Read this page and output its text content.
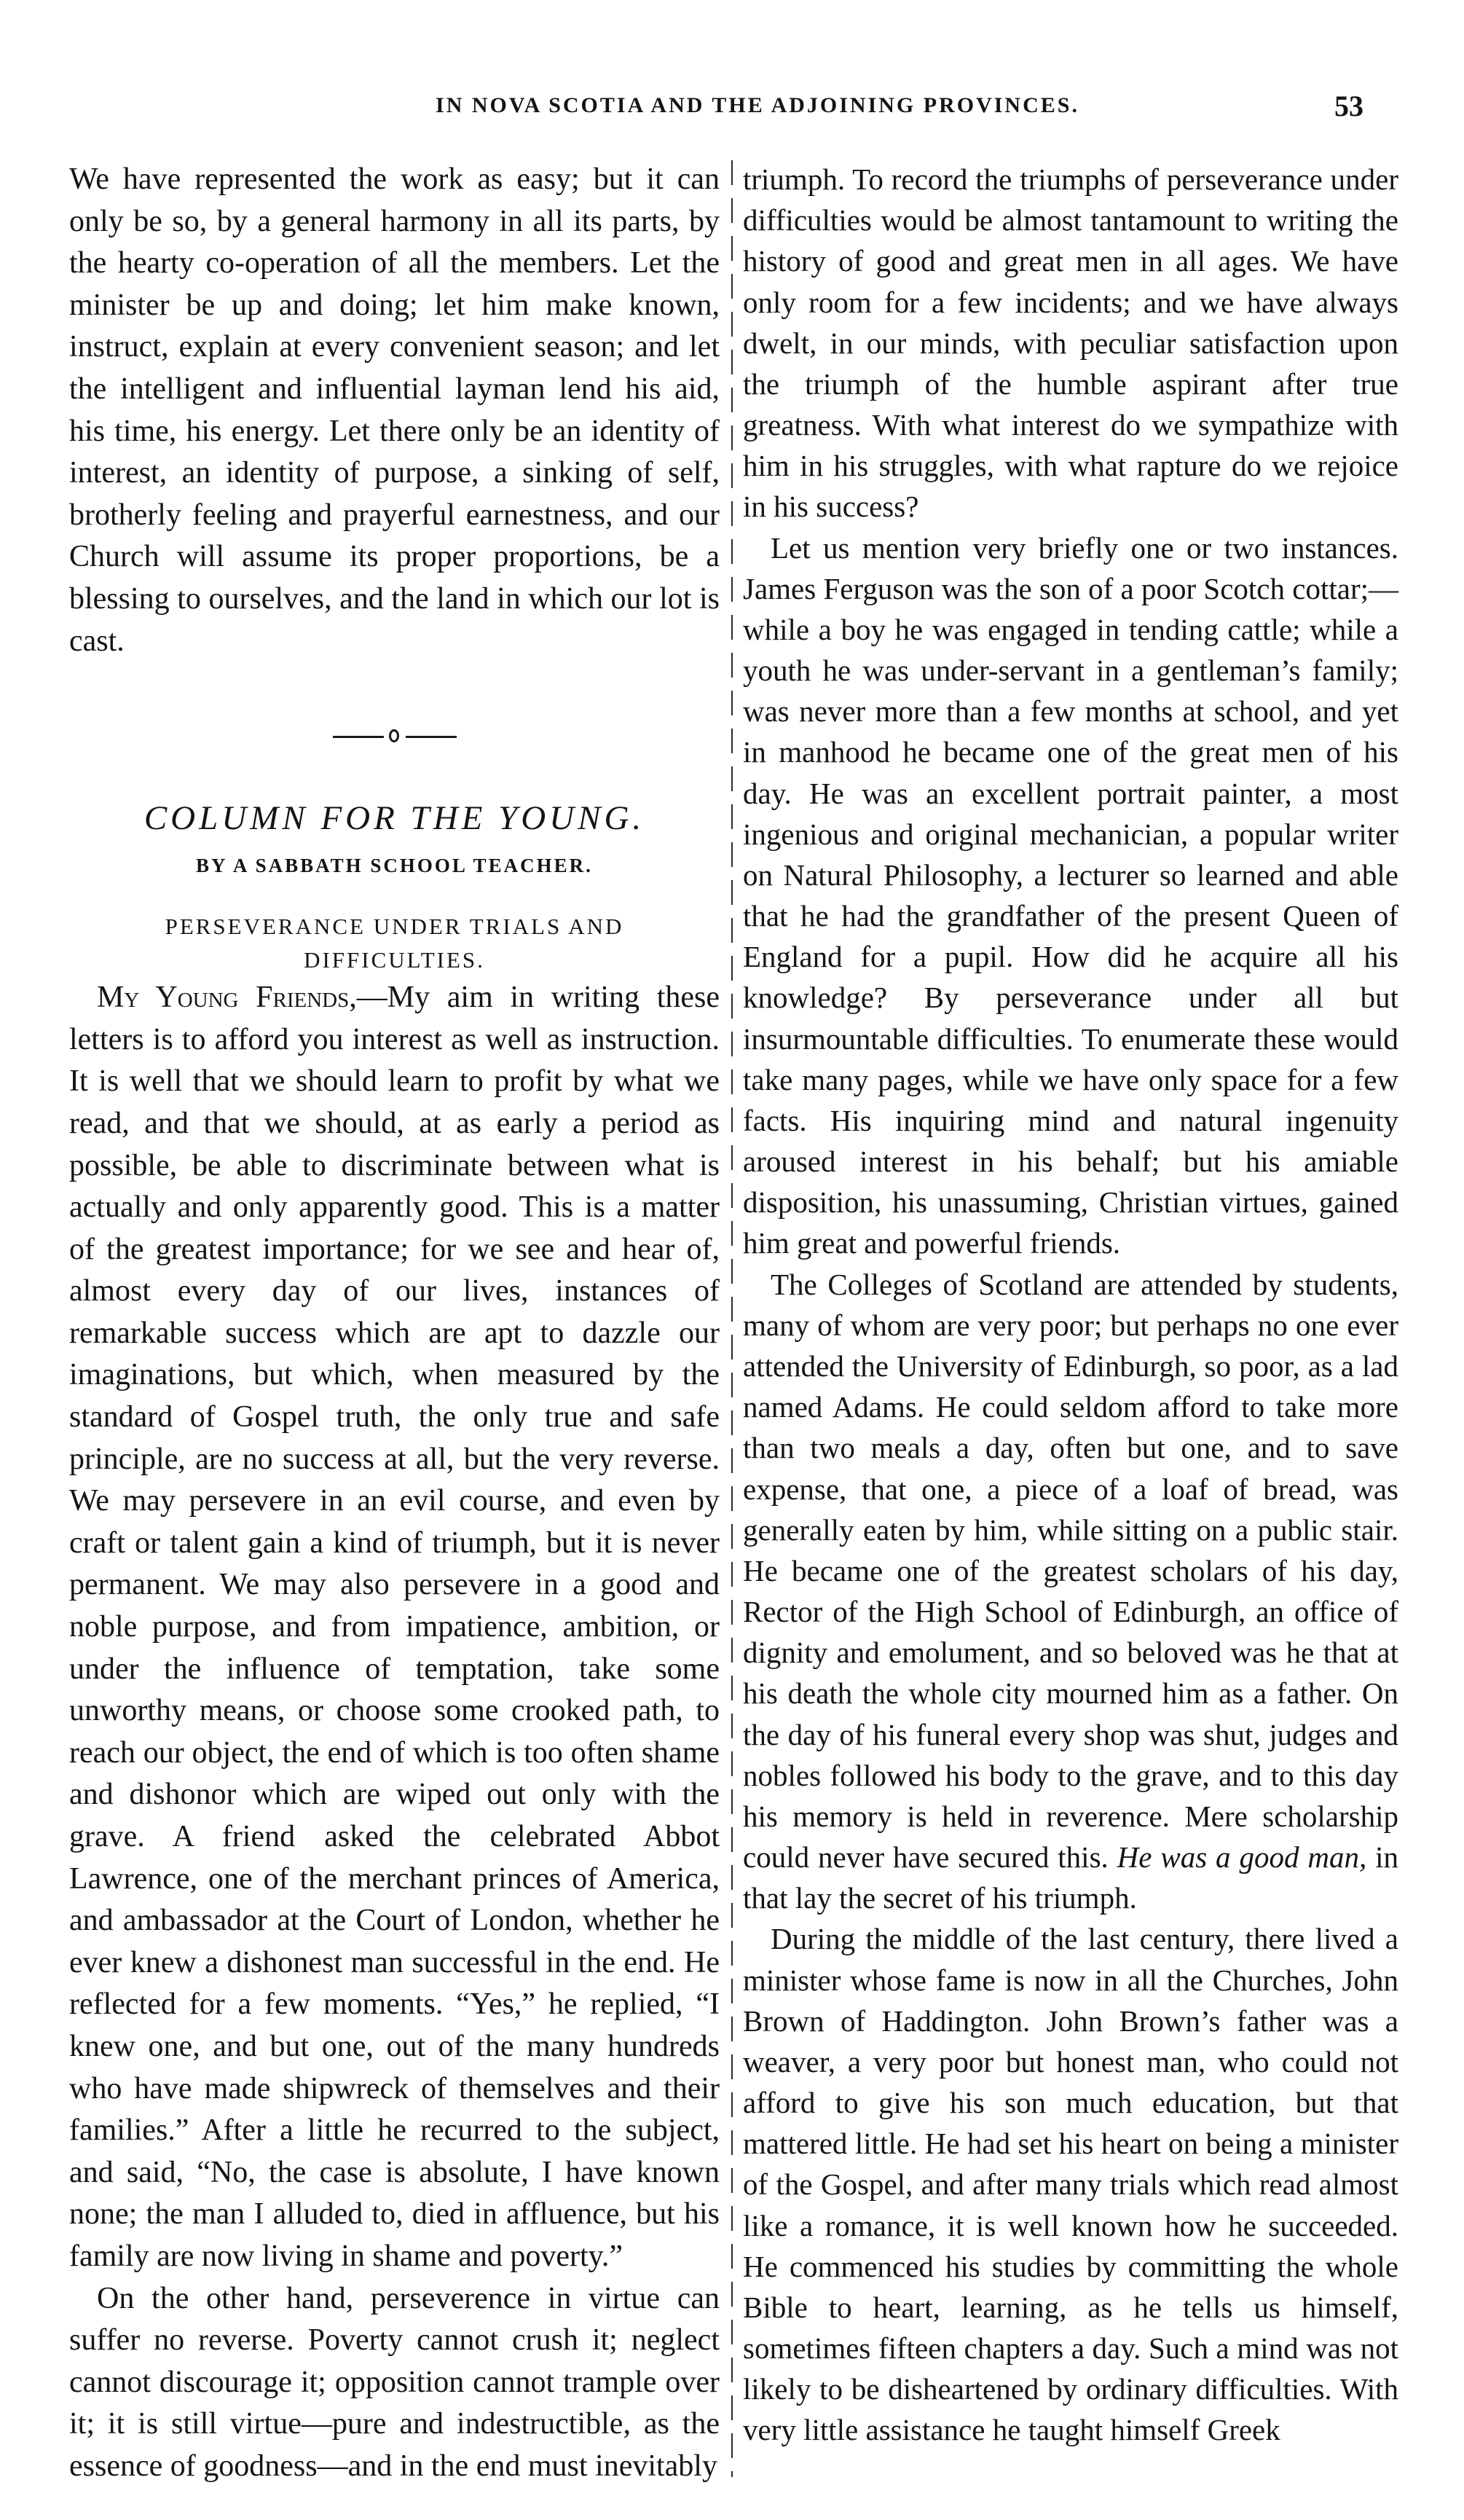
IN NOVA SCOTIA AND THE ADJOINING PROVINCES.	53

We have represented the work as easy; but it can only be so, by a general harmony in all its parts, by the hearty co-operation of all the members. Let the minister be up and doing; let him make known, instruct, explain at every convenient season; and let the intelligent and influential layman lend his aid, his time, his energy. Let there only be an identity of interest, an identity of purpose, a sinking of self, brotherly feeling and prayerful earnestness, and our Church will assume its proper proportions, be a blessing to ourselves, and the land in which our lot is cast.

COLUMN FOR THE YOUNG.
BY A SABBATH SCHOOL TEACHER.
PERSEVERANCE UNDER TRIALS AND DIFFICULTIES.

My Young Friends,—My aim in writing these letters is to afford you interest as well as instruction. It is well that we should learn to profit by what we read, and that we should, at as early a period as possible, be able to discriminate between what is actually and only apparently good. This is a matter of the greatest importance; for we see and hear of, almost every day of our lives, instances of remarkable success which are apt to dazzle our imaginations, but which, when measured by the standard of Gospel truth, the only true and safe principle, are no success at all, but the very reverse. We may persevere in an evil course, and even by craft or talent gain a kind of triumph, but it is never permanent. We may also persevere in a good and noble purpose, and from impatience, ambition, or under the influence of temptation, take some unworthy means, or choose some crooked path, to reach our object, the end of which is too often shame and dishonor which are wiped out only with the grave. A friend asked the celebrated Abbot Lawrence, one of the merchant princes of America, and ambassador at the Court of London, whether he ever knew a dishonest man successful in the end. He reflected for a few moments. “Yes,” he replied, “I knew one, and but one, out of the many hundreds who have made shipwreck of themselves and their families.” After a little he recurred to the subject, and said, “No, the case is absolute, I have known none; the man I alluded to, died in affluence, but his family are now living in shame and poverty.”

On the other hand, perseverence in virtue can suffer no reverse. Poverty cannot crush it; neglect cannot discourage it; opposition cannot trample over it; it is still virtue—pure and indestructible, as the essence of goodness—and in the end must inevitably

triumph. To record the triumphs of perseverance under difficulties would be almost tantamount to writing the history of good and great men in all ages. We have only room for a few incidents; and we have always dwelt, in our minds, with peculiar satisfaction upon the triumph of the humble aspirant after true greatness. With what interest do we sympathize with him in his struggles, with what rapture do we rejoice in his success?

Let us mention very briefly one or two instances. James Ferguson was the son of a poor Scotch cottar;—while a boy he was engaged in tending cattle; while a youth he was under-servant in a gentleman’s family; was never more than a few months at school, and yet in manhood he became one of the great men of his day. He was an excellent portrait painter, a most ingenious and original mechanician, a popular writer on Natural Philosophy, a lecturer so learned and able that he had the grandfather of the present Queen of England for a pupil. How did he acquire all his knowledge? By perseverance under all but insurmountable difficulties. To enumerate these would take many pages, while we have only space for a few facts. His inquiring mind and natural ingenuity aroused interest in his behalf; but his amiable disposition, his unassuming, Christian virtues, gained him great and powerful friends.

The Colleges of Scotland are attended by students, many of whom are very poor; but perhaps no one ever attended the University of Edinburgh, so poor, as a lad named Adams. He could seldom afford to take more than two meals a day, often but one, and to save expense, that one, a piece of a loaf of bread, was generally eaten by him, while sitting on a public stair. He became one of the greatest scholars of his day, Rector of the High School of Edinburgh, an office of dignity and emolument, and so beloved was he that at his death the whole city mourned him as a father. On the day of his funeral every shop was shut, judges and nobles followed his body to the grave, and to this day his memory is held in reverence. Mere scholarship could never have secured this. He was a good man, in that lay the secret of his triumph.

During the middle of the last century, there lived a minister whose fame is now in all the Churches, John Brown of Haddington. John Brown’s father was a weaver, a very poor but honest man, who could not afford to give his son much education, but that mattered little. He had set his heart on being a minister of the Gospel, and after many trials which read almost like a romance, it is well known how he succeeded. He commenced his studies by committing the whole Bible to heart, learning, as he tells us himself, sometimes fifteen chapters a day. Such a mind was not likely to be disheartened by ordinary difficulties. With very little assistance he taught himself Greek
